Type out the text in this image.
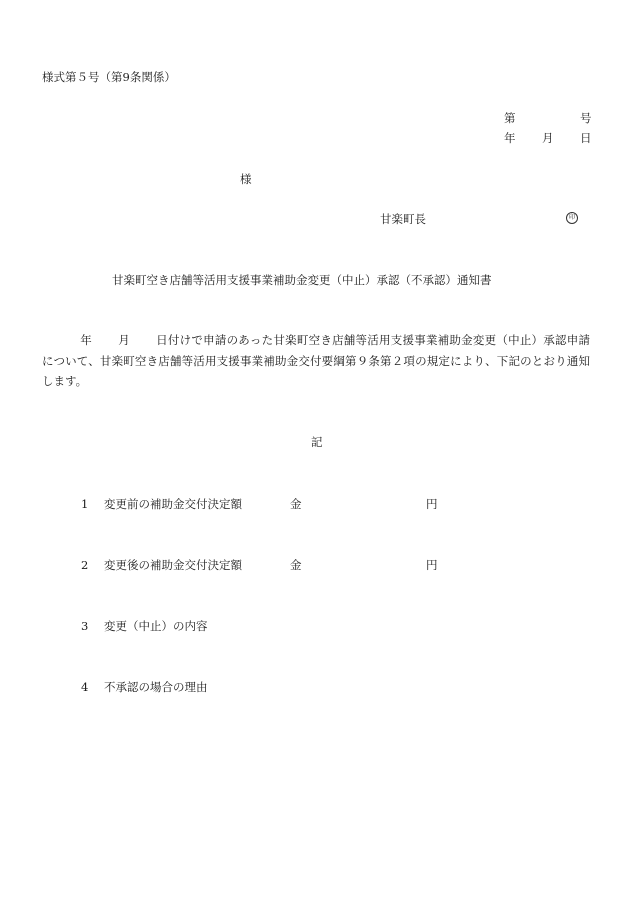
様式第５号（第9条関係）
第	号
年 月 日
様
甘楽町長	印
甘楽町空き店舗等活用支援事業補助金変更（中止）承認（不承認）通知書
年 月 日付けで申請のあった甘楽町空き店舗等活用支援事業補助金変更（中止）承認申請について、甘楽町空き店舗等活用支援事業補助金交付要綱第９条第２項の規定により、下記のとおり通知します。
記
1 変更前の補助金交付決定額	金	円
2 変更後の補助金交付決定額	金	円
3 変更（中止）の内容
4 不承認の場合の理由
